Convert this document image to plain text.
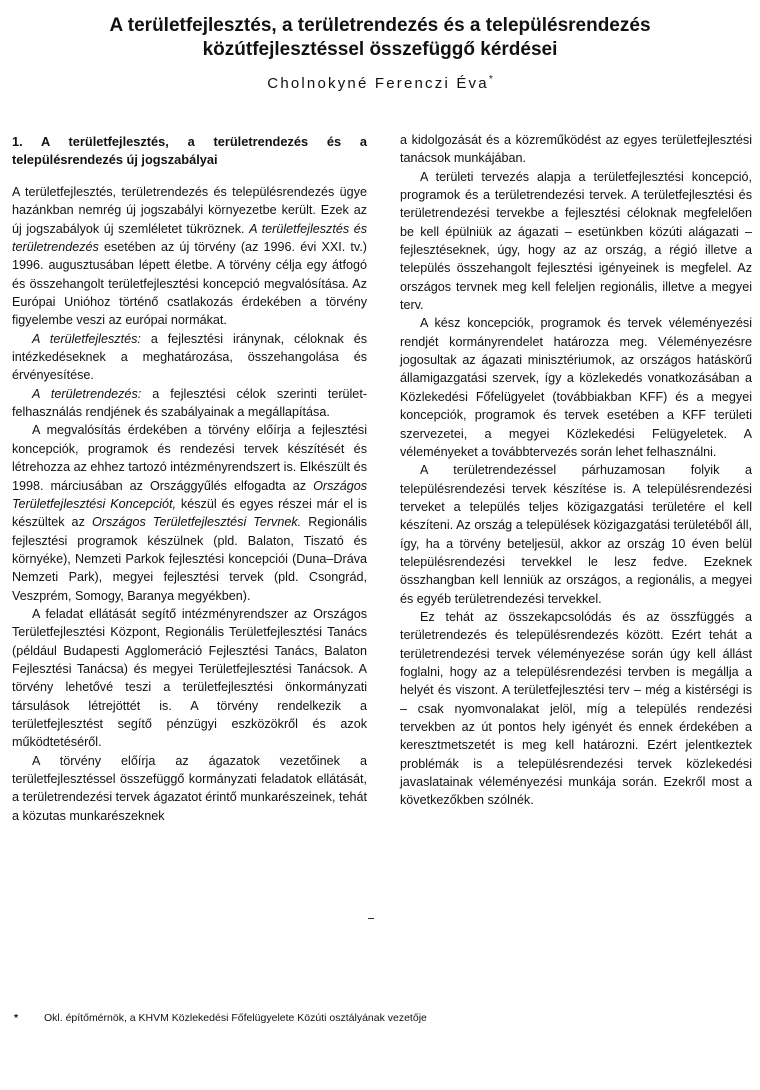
A területfejlesztés, a területrendezés és a településrendezés
közútfejlesztéssel összefüggő kérdései
Cholnokyné Ferenczi Éva*
1. A területfejlesztés, a területrendezés és a településrendezés új jogszabályai

A területfejlesztés, területrendezés és településrendezés ügye hazánkban nemrég új jogszabályi környezetbe került. Ezek az új jogszabályok új szemléletet tükröznek. A területfejlesztés és területrendezés esetében az új törvény (az 1996. évi XXI. tv.) 1996. augusztusában lépett életbe. A törvény célja egy átfogó és összehangolt területfejlesztési koncepció megvalósítása. Az Európai Unióhoz történő csatlakozás érdekében a törvény figyelembe veszi az európai normákat.

A területfejlesztés: a fejlesztési iránynak, céloknak és intézkedéseknek a meghatározása, összehangolása és érvényesítése.

A területrendezés: a fejlesztési célok szerinti terület-felhasználás rendjének és szabályainak a megállapítása.

A megvalósítás érdekében a törvény előírja a fejlesztési koncepciók, programok és rendezési tervek készítését és létrehozza az ehhez tartozó intézményrendszert is. Elkészült és 1998. márciusában az Országgyűlés elfogadta az Országos Területfejlesztési Koncepciót, készül és egyes részei már el is készültek az Országos Területfejlesztési Tervnek. Regionális fejlesztési programok készülnek (pld. Balaton, Tiszató és környéke), Nemzeti Parkok fejlesztési koncepciói (Duna–Dráva Nemzeti Park), megyei fejlesztési tervek (pld. Csongrád, Veszprém, Somogy, Baranya megyékben).

A feladat ellátását segítő intézményrendszer az Országos Területfejlesztési Központ, Regionális Területfejlesztési Tanács (például Budapesti Agglomeráció Fejlesztési Tanács, Balaton Fejlesztési Tanácsa) és megyei Területfejlesztési Tanácsok. A törvény lehetővé teszi a területfejlesztési önkormányzati társulások létrejöttét is. A törvény rendelkezik a területfejlesztést segítő pénzügyi eszközökről és azok működtetéséről.

A törvény előírja az ágazatok vezetőinek a területfejlesztéssel összefüggő kormányzati feladatok ellátását, a területrendezési tervek ágazatot érintő munkarészeinek, tehát a közutas munkarészeknek

a kidolgozását és a közreműködést az egyes területfejlesztési tanácsok munkájában.

A területi tervezés alapja a területfejlesztési koncepció, programok és a területrendezési tervek. A területfejlesztési és területrendezési tervekbe a fejlesztési céloknak megfelelően be kell épülniük az ágazati – esetünkben közúti alágazati – fejlesztéseknek, úgy, hogy az az ország, a régió illetve a település összehangolt fejlesztési igényeinek is megfelel. Az országos tervnek meg kell feleljen regionális, illetve a megyei terv.

A kész koncepciók, programok és tervek véleményezési rendjét kormányrendelet határozza meg. Véleményezésre jogosultak az ágazati minisztériumok, az országos hatáskörű államigazgatási szervek, így a közlekedés vonatkozásában a Közlekedési Főfelügyelet (továbbiakban KFF) és a megyei koncepciók, programok és tervek esetében a KFF területi szervezetei, a megyei Közlekedési Felügyeletek. A véleményeket a továbbtervezés során lehet felhasználni.

A területrendezéssel párhuzamosan folyik a településrendezési tervek készítése is. A településrendezési terveket a település teljes közigazgatási területére el kell készíteni. Az ország a települések közigazgatási területéből áll, így, ha a törvény beteljesül, akkor az ország 10 éven belül településrendezési tervekkel le lesz fedve. Ezeknek összhangban kell lenniük az országos, a regionális, a megyei és egyéb területrendezési tervekkel.

Ez tehát az összekapcsolódás és az összfüggés a területrendezés és településrendezés között. Ezért tehát a területrendezési tervek véleményezése során úgy kell állást foglalni, hogy az a településrendezési tervben is megállja a helyét és viszont. A területfejlesztési terv – még a kistérségi is – csak nyomvonalakat jelöl, míg a település rendezési tervekben az út pontos hely igényét és ennek érdekében a keresztmetszetét is meg kell határozni. Ezért jelentkeztek problémák is a településrendezési tervek közlekedési javaslatainak véleményezési munkája során. Ezekről most a következőkben szólnék.

* Okl. építőmérnök, a KHVM Közlekedési Főfelügyelete Közúti osztályának vezetője
